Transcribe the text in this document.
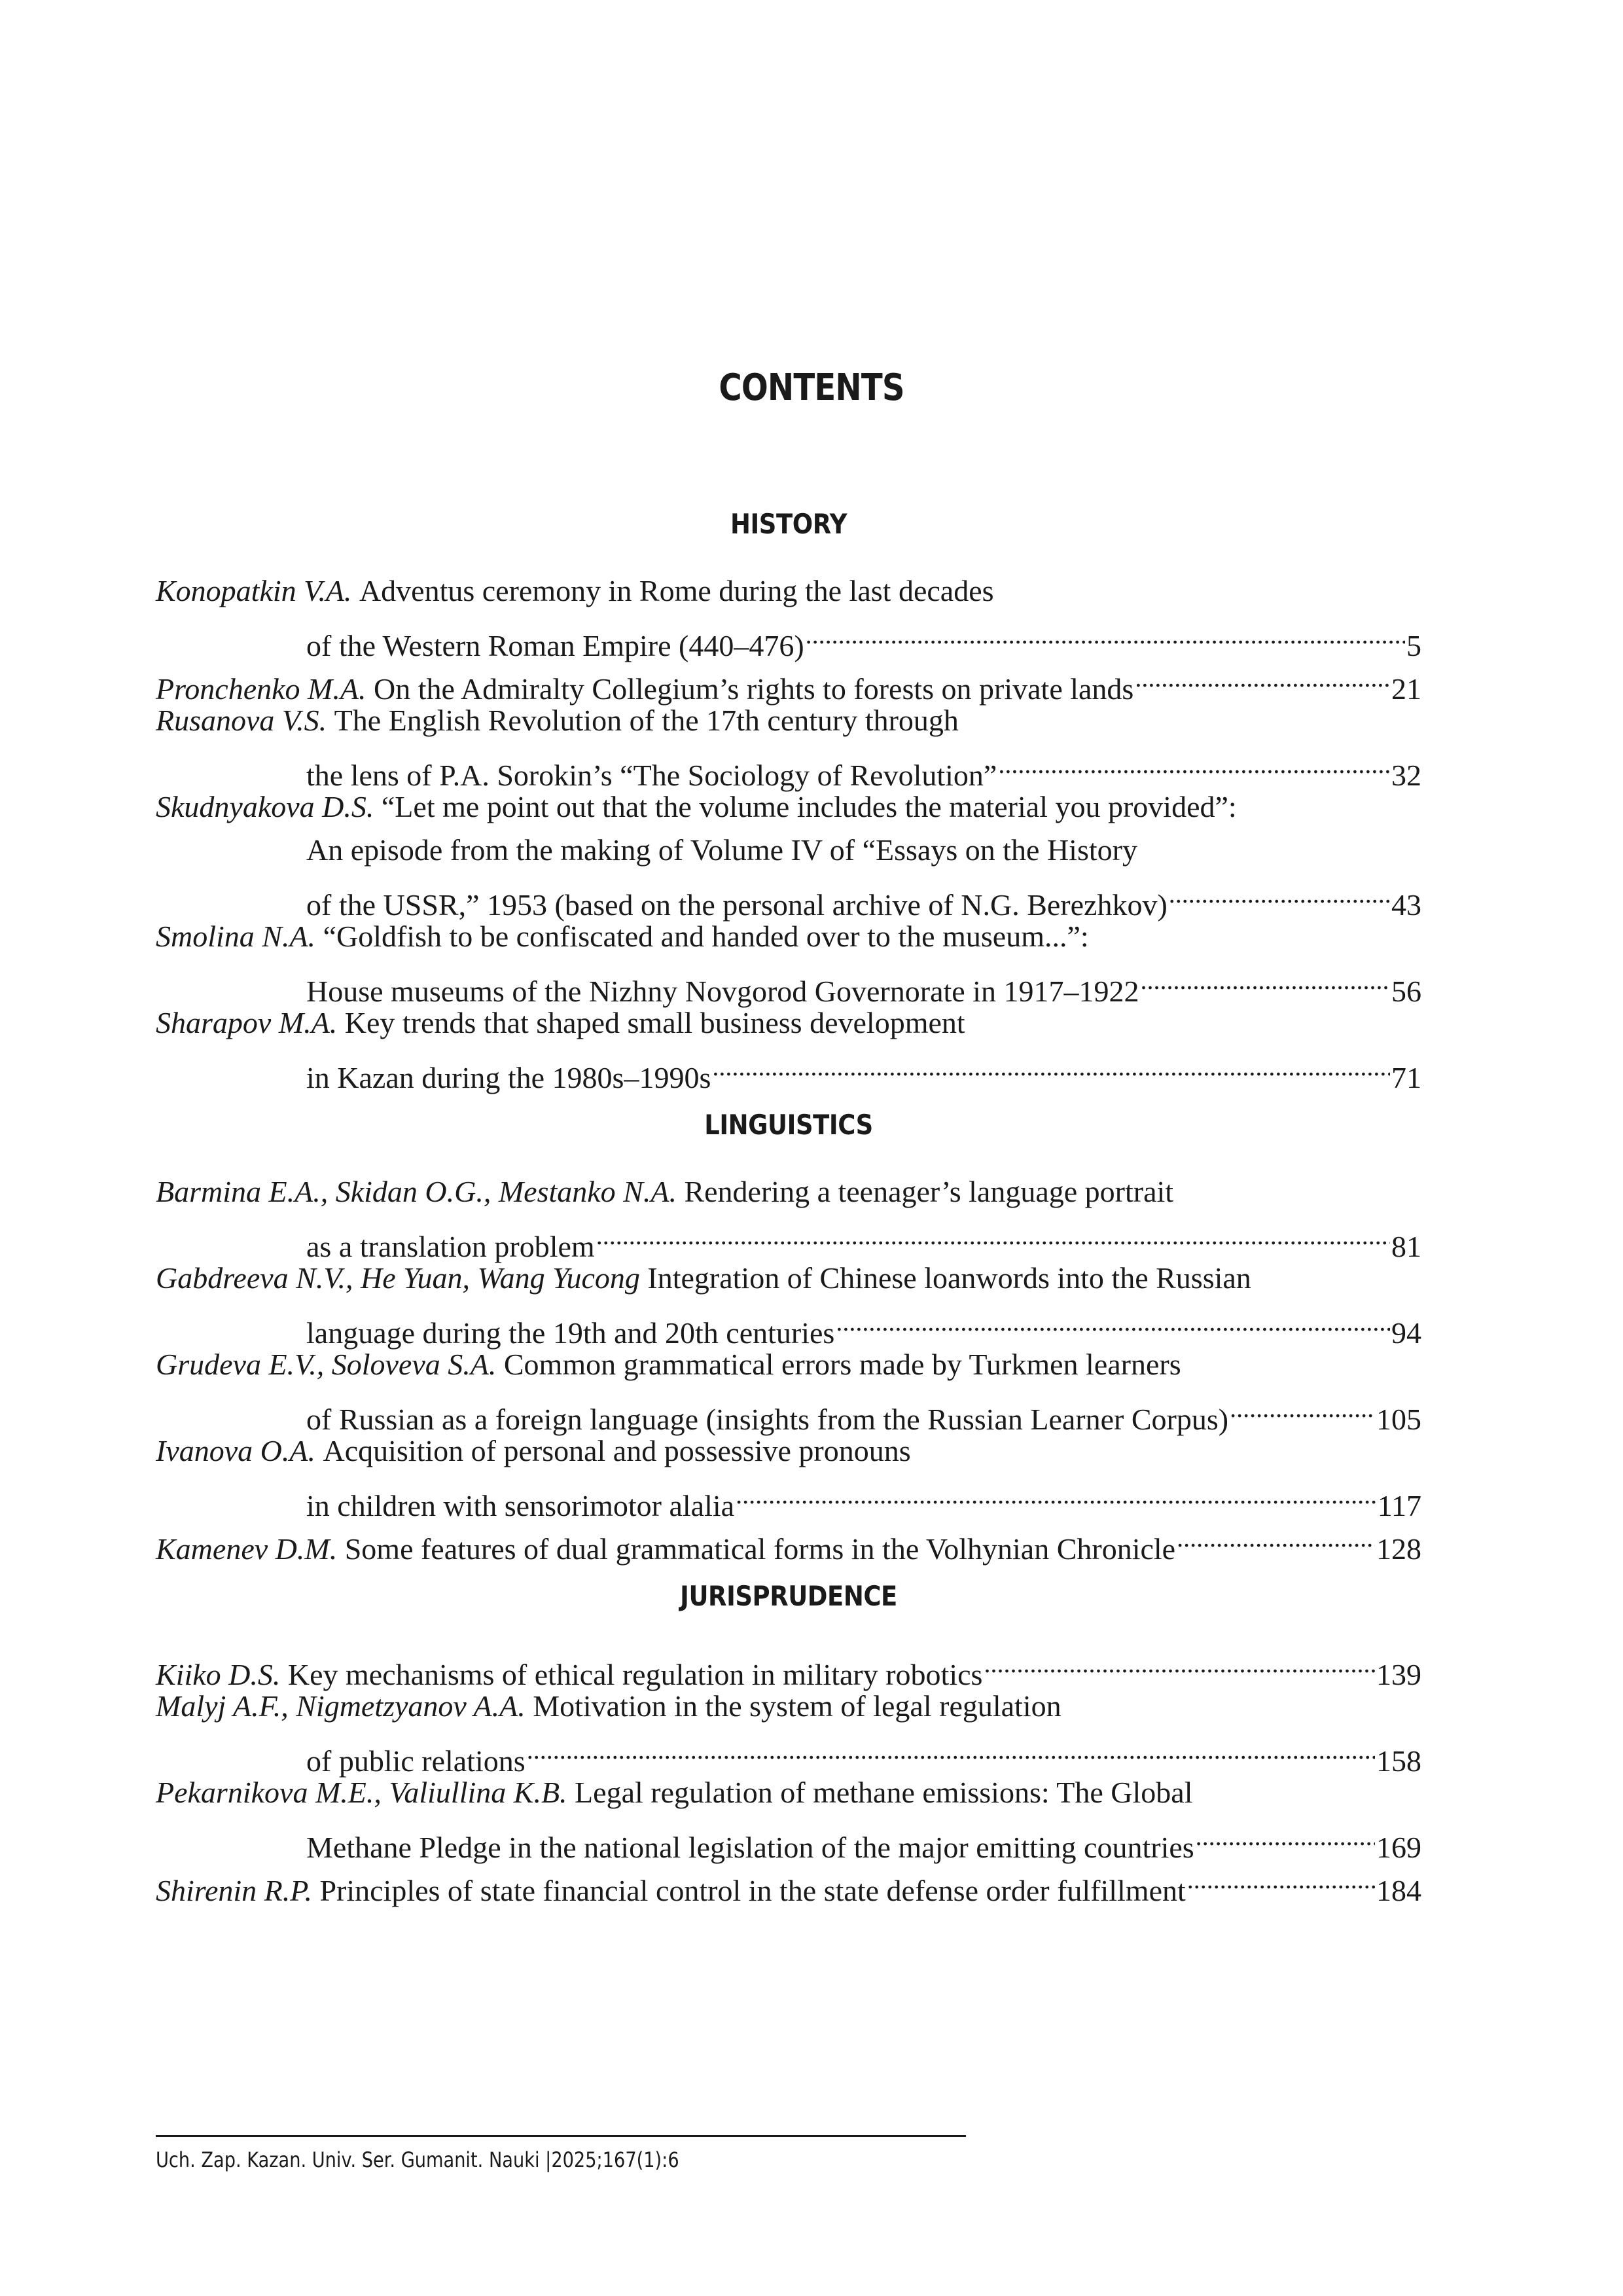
CONTENTS
HISTORY
Konopatkin V.A.
Adventus ceremony in Rome during the last decades
of the Western Roman Empire (440–476) . . .	5
Pronchenko M.A.
On the Admiralty Collegium’s rights to forests on private lands . . .	21
Rusanova V.S.
The English Revolution of the 17th century through
the lens of P.A. Sorokin’s “The Sociology of Revolution” . . .	32
Skudnyakova D.S.
“Let me point out that the volume includes the material you provided”:
An episode from the making of Volume IV of “Essays on the History
of the USSR,” 1953 (based on the personal archive of N.G. Berezhkov) . . .	43
Smolina N.A.
“Goldfish to be confiscated and handed over to the museum...”:
House museums of the Nizhny Novgorod Governorate in 1917–1922 . . .	56
Sharapov M.A.
Key trends that shaped small business development
in Kazan during the 1980s–1990s . . .	71
LINGUISTICS
Barmina E.A., Skidan O.G., Mestanko N.A.
Rendering a teenager’s language portrait
as a translation problem . . .	81
Gabdreeva N.V., He Yuan, Wang Yucong
Integration of Chinese loanwords into the Russian
language during the 19th and 20th centuries . . .	94
Grudeva E.V., Soloveva S.A.
Common grammatical errors made by Turkmen learners
of Russian as a foreign language (insights from the Russian Learner Corpus) . . .	105
Ivanova O.A.
Acquisition of personal and possessive pronouns
in children with sensorimotor alalia . . .	117
Kamenev D.M.
Some features of dual grammatical forms in the Volhynian Chronicle . . .	128
JURISPRUDENCE
Kiiko D.S.
Key mechanisms of ethical regulation in military robotics . . .	139
Malyj A.F., Nigmetzyanov A.A.
Motivation in the system of legal regulation
of public relations . . .	158
Pekarnikova M.E., Valiullina K.B.
Legal regulation of methane emissions: The Global
Methane Pledge in the national legislation of the major emitting countries . . .	169
Shirenin R.P.
Principles of state financial control in the state defense order fulfillment . . .	184
Uch. Zap. Kazan. Univ. Ser. Gumanit. Nauki |2025;167(1):6
